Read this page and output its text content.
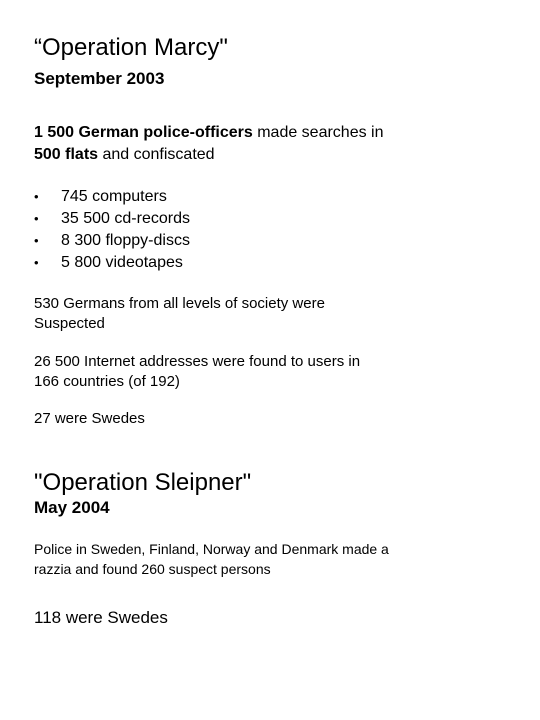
“Operation Marcy"
September 2003
1 500 German police-officers made searches in
500 flats and confiscated
• 745 computers
• 35 500 cd-records
• 8 300 floppy-discs
• 5 800 videotapes
530 Germans from all levels of society were
Suspected
26 500 Internet addresses were found to users in
166 countries (of 192)
27 were Swedes
"Operation Sleipner"
May 2004
Police in Sweden, Finland, Norway and Denmark made a
razzia and found 260 suspect persons
118 were Swedes
